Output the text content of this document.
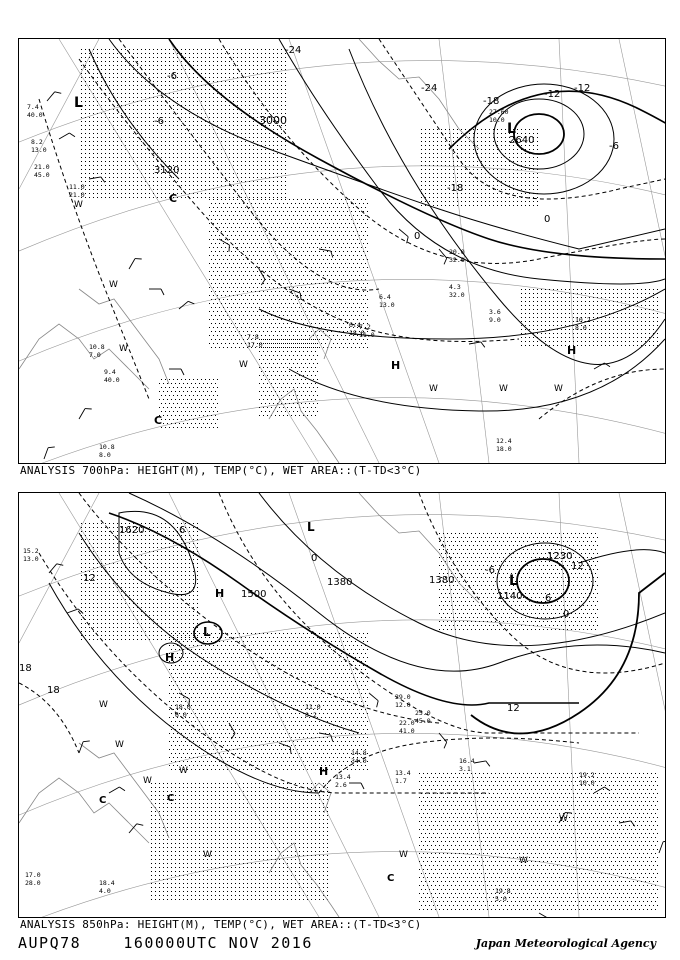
3000
3120
2640
-24
-24
-6
-6
-18
-12
-12
-6
0
0
-18
L
L
H
H
C
C
W
W
W
W
W	W	W
7.4
40.0
8.2
13.0
11.0
21.0
10.8
7.0
9.4
40.0
10.8
8.0
6.4
18.0
7.2
11.0
6.4
13.0
7.8
17.0
10.2
8.0
12.4
18.0
4.3
32.0
3.6
9.0
27.60
10.0
20.0
32.0
21.0
45.0
ANALYSIS 700hPa: HEIGHT(M), TEMP(°C), WET AREA::(T-TD<3°C)
1620
1500
1230
1140
1380	1380
6
12
18
18
12
6
0
-6	12
0
L
L
L
H
H
H
C	C
C
W
W
W
W
W	W
W
W
15.2
13.0
17.0
28.0
19.8
5.0
16.4
3.1
19.2
10.0
13.4
1.7
14.8
34.0
13.4
2.6
18.4
4.0
29.0
12.0
22.0
41.0
25.0
45.0
18.0
6.0
11.0
8.2
ANALYSIS 850hPa: HEIGHT(M), TEMP(°C), WET AREA::(T-TD<3°C)
AUPQ78	160000UTC NOV 2016	Japan Meteorological Agency
